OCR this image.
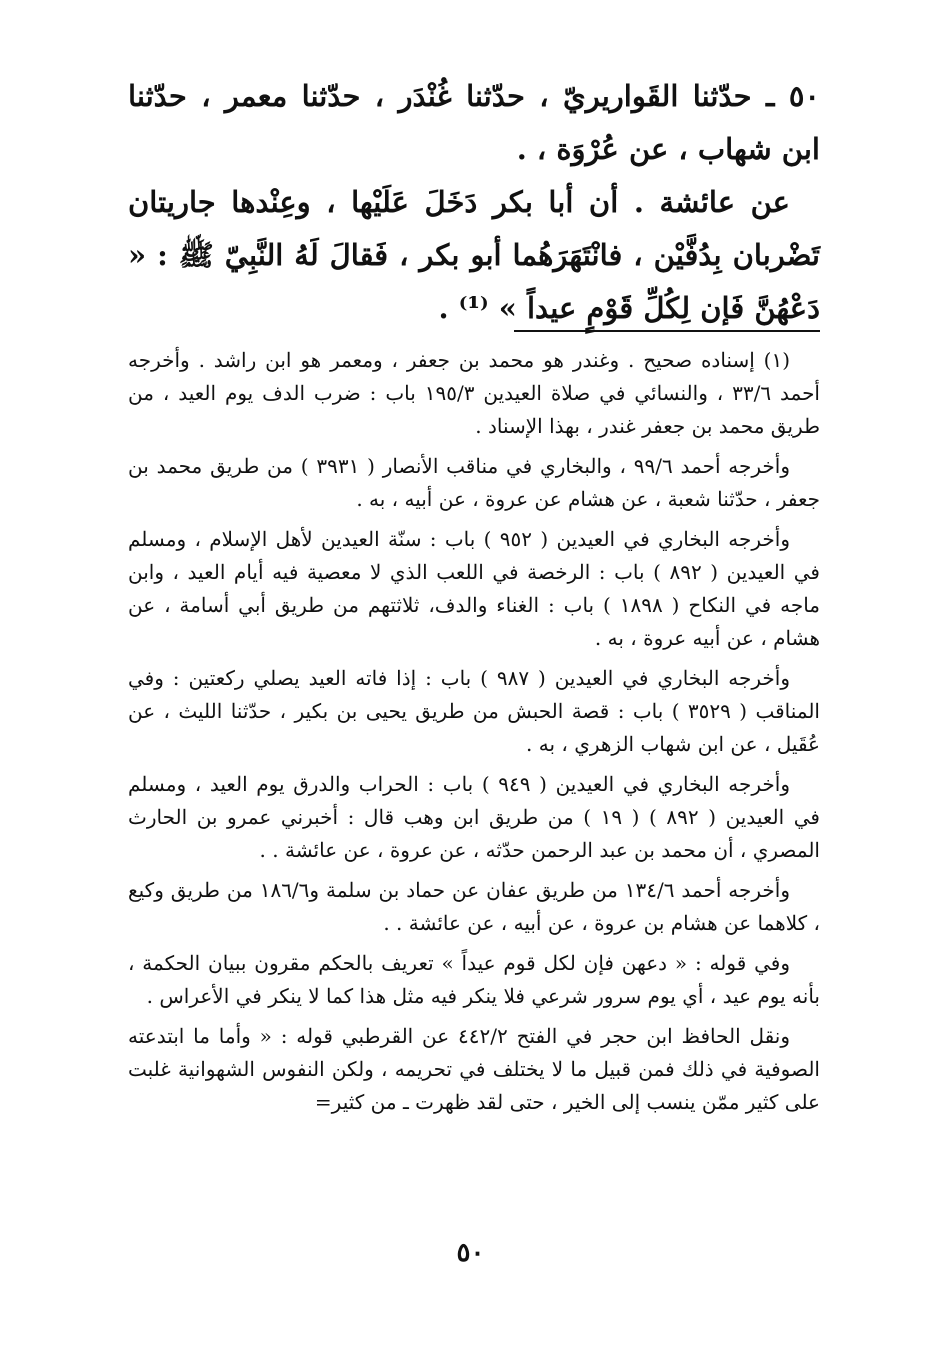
٥٠ ـ حدّثنا القَواريريّ ، حدّثنا غُنْدَر ، حدّثنا معمر ، حدّثنا ابن شهاب ، عن عُرْوَة ، .

عن عائشة . أن أبا بكر دَخَلَ عَلَيْها ، وعِنْدها جاريتان تَضْربان بِدُفَّيْن ، فانْتَهَرَهُما أبو بكر ، فَقالَ لَهُ النَّبِيّ ﷺ : « دَعْهُنَّ فَإن لِكُلِّ قَوْمٍ عيداً » ⁽¹⁾ .

(١) إسناده صحيح . وغندر هو محمد بن جعفر ، ومعمر هو ابن راشد . وأخرجه أحمد ٣٣/٦ ، والنسائي في صلاة العيدين ١٩٥/٣ باب : ضرب الدف يوم العيد ، من طريق محمد بن جعفر غندر ، بهذا الإسناد .

وأخرجه أحمد ٩٩/٦ ، والبخاري في مناقب الأنصار ( ٣٩٣١ ) من طريق محمد بن جعفر ، حدّثنا شعبة ، عن هشام عن عروة ، عن أبيه ، به .

وأخرجه البخاري في العيدين ( ٩٥٢ ) باب : سنّة العيدين لأهل الإسلام ، ومسلم في العيدين ( ٨٩٢ ) باب : الرخصة في اللعب الذي لا معصية فيه أيام العيد ، وابن ماجه في النكاح ( ١٨٩٨ ) باب : الغناء والدف، ثلاثتهم من طريق أبي أسامة ، عن هشام ، عن أبيه عروة ، به .

وأخرجه البخاري في العيدين ( ٩٨٧ ) باب : إذا فاته العيد يصلي ركعتين : وفي المناقب ( ٣٥٢٩ ) باب : قصة الحبش من طريق يحيى بن بكير ، حدّثنا الليث ، عن عُقَيل ، عن ابن شهاب الزهري ، به .

وأخرجه البخاري في العيدين ( ٩٤٩ ) باب : الحراب والدرق يوم العيد ، ومسلم في العيدين ( ٨٩٢ ) ( ١٩ ) من طريق ابن وهب قال : أخبرني عمرو بن الحارث المصري ، أن محمد بن عبد الرحمن حدّثه ، عن عروة ، عن عائشة . .

وأخرجه أحمد ١٣٤/٦ من طريق عفان عن حماد بن سلمة و١٨٦/٦ من طريق وكيع ، كلاهما عن هشام بن عروة ، عن أبيه ، عن عائشة . .

وفي قوله : « دعهن فإن لكل قوم عيداً » تعريف بالحكم مقرون ببيان الحكمة ، بأنه يوم عيد ، أي يوم سرور شرعي فلا ينكر فيه مثل هذا كما لا ينكر في الأعراس .

ونقل الحافظ ابن حجر في الفتح ٤٤٢/٢ عن القرطبي قوله : « وأما ما ابتدعته الصوفية في ذلك فمن قبيل ما لا يختلف في تحريمه ، ولكن النفوس الشهوانية غلبت على كثير ممّن ينسب إلى الخير ، حتى لقد ظهرت ـ من كثير=

٥٠
